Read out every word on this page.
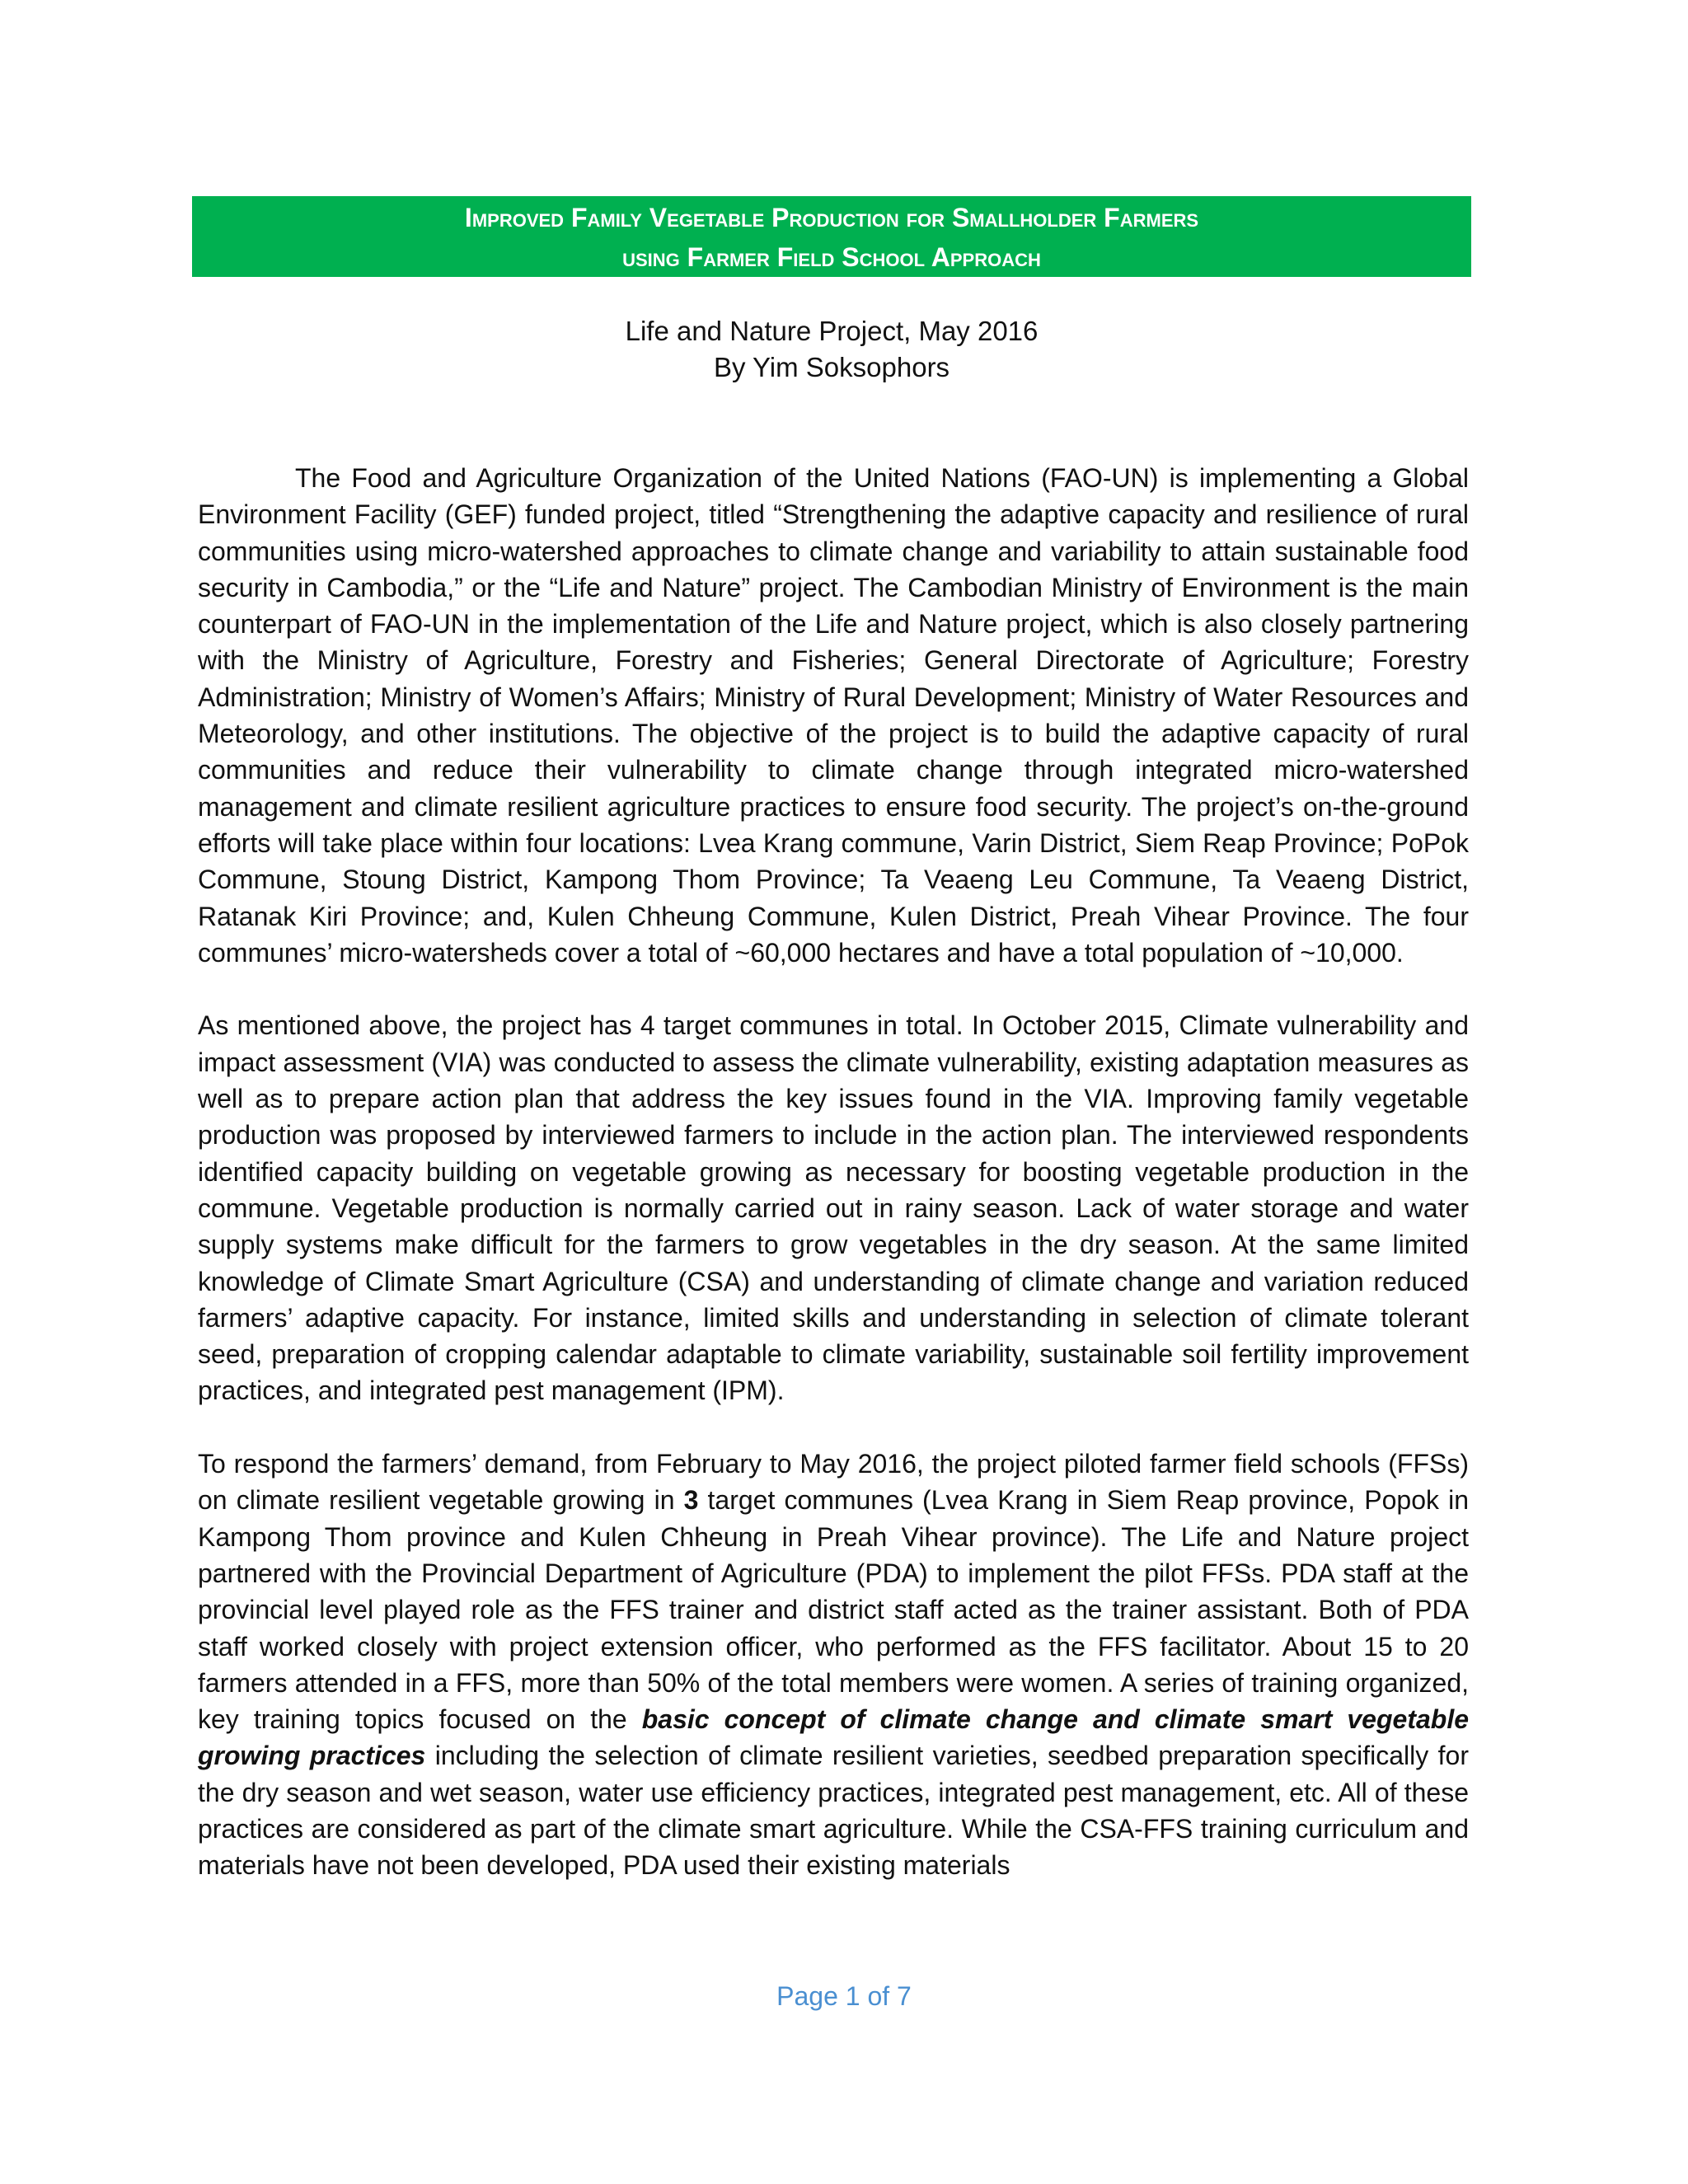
Improved Family Vegetable Production for Smallholder Farmers
using Farmer Field School Approach
Life and Nature Project, May 2016
By Yim Soksophors

The Food and Agriculture Organization of the United Nations (FAO-UN) is implementing a Global Environment Facility (GEF) funded project, titled “Strengthening the adaptive capacity and resilience of rural communities using micro-watershed approaches to climate change and variability to attain sustainable food security in Cambodia,” or the “Life and Nature” project. The Cambodian Ministry of Environment is the main counterpart of FAO-UN in the implementation of the Life and Nature project, which is also closely partnering with the Ministry of Agriculture, Forestry and Fisheries; General Directorate of Agriculture; Forestry Administration; Ministry of Women’s Affairs; Ministry of Rural Development; Ministry of Water Resources and Meteorology, and other institutions. The objective of the project is to build the adaptive capacity of rural communities and reduce their vulnerability to climate change through integrated micro-watershed management and climate resilient agriculture practices to ensure food security. The project’s on-the-ground efforts will take place within four locations: Lvea Krang commune, Varin District, Siem Reap Province; PoPok Commune, Stoung District, Kampong Thom Province; Ta Veaeng Leu Commune, Ta Veaeng District, Ratanak Kiri Province; and, Kulen Chheung Commune, Kulen District, Preah Vihear Province. The four communes’ micro-watersheds cover a total of ~60,000 hectares and have a total population of ~10,000.

As mentioned above, the project has 4 target communes in total. In October 2015, Climate vulnerability and impact assessment (VIA) was conducted to assess the climate vulnerability, existing adaptation measures as well as to prepare action plan that address the key issues found in the VIA. Improving family vegetable production was proposed by interviewed farmers to include in the action plan. The interviewed respondents identified capacity building on vegetable growing as necessary for boosting vegetable production in the commune. Vegetable production is normally carried out in rainy season. Lack of water storage and water supply systems make difficult for the farmers to grow vegetables in the dry season. At the same limited knowledge of Climate Smart Agriculture (CSA) and understanding of climate change and variation reduced farmers’ adaptive capacity. For instance, limited skills and understanding in selection of climate tolerant seed, preparation of cropping calendar adaptable to climate variability, sustainable soil fertility improvement practices, and integrated pest management (IPM).

To respond the farmers’ demand, from February to May 2016, the project piloted farmer field schools (FFSs) on climate resilient vegetable growing in 3 target communes (Lvea Krang in Siem Reap province, Popok in Kampong Thom province and Kulen Chheung in Preah Vihear province). The Life and Nature project partnered with the Provincial Department of Agriculture (PDA) to implement the pilot FFSs. PDA staff at the provincial level played role as the FFS trainer and district staff acted as the trainer assistant. Both of PDA staff worked closely with project extension officer, who performed as the FFS facilitator. About 15 to 20 farmers attended in a FFS, more than 50% of the total members were women. A series of training organized, key training topics focused on the basic concept of climate change and climate smart vegetable growing practices including the selection of climate resilient varieties, seedbed preparation specifically for the dry season and wet season, water use efficiency practices, integrated pest management, etc. All of these practices are considered as part of the climate smart agriculture. While the CSA-FFS training curriculum and materials have not been developed, PDA used their existing materials

Page 1 of 7
